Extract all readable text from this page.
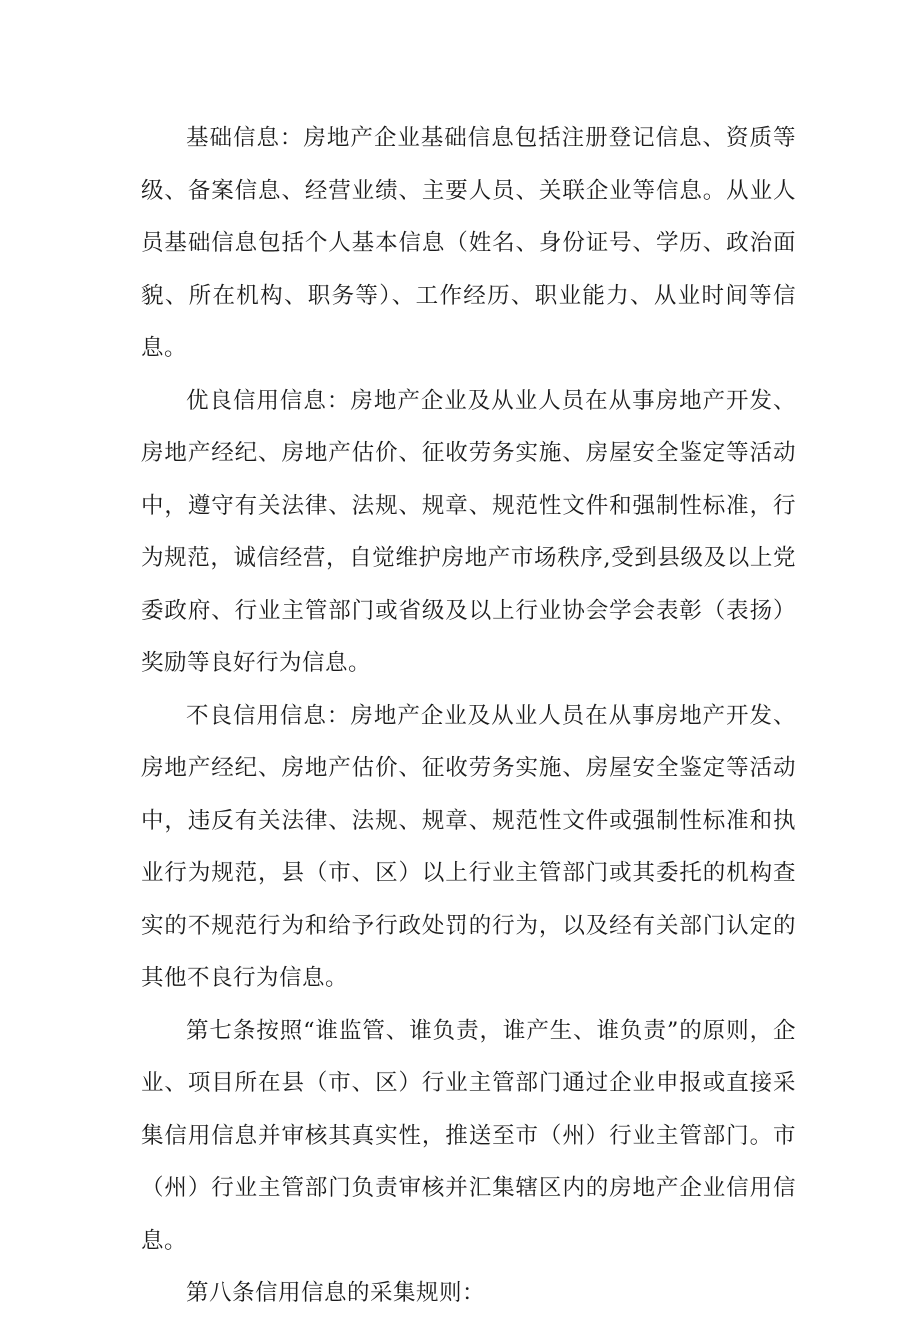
基础信息：房地产企业基础信息包括注册登记信息、资质等级、备案信息、经营业绩、主要人员、关联企业等信息。从业人员基础信息包括个人基本信息（姓名、身份证号、学历、政治面貌、所在机构、职务等）、工作经历、职业能力、从业时间等信息。

优良信用信息：房地产企业及从业人员在从事房地产开发、房地产经纪、房地产估价、征收劳务实施、房屋安全鉴定等活动中，遵守有关法律、法规、规章、规范性文件和强制性标准，行为规范，诚信经营，自觉维护房地产市场秩序,受到县级及以上党委政府、行业主管部门或省级及以上行业协会学会表彰（表扬）奖励等良好行为信息。

不良信用信息：房地产企业及从业人员在从事房地产开发、房地产经纪、房地产估价、征收劳务实施、房屋安全鉴定等活动中，违反有关法律、法规、规章、规范性文件或强制性标准和执业行为规范，县（市、区）以上行业主管部门或其委托的机构查实的不规范行为和给予行政处罚的行为，以及经有关部门认定的其他不良行为信息。

第七条按照“谁监管、谁负责，谁产生、谁负责”的原则，企业、项目所在县（市、区）行业主管部门通过企业申报或直接采集信用信息并审核其真实性，推送至市（州）行业主管部门。市（州）行业主管部门负责审核并汇集辖区内的房地产企业信用信息。

第八条信用信息的采集规则：
